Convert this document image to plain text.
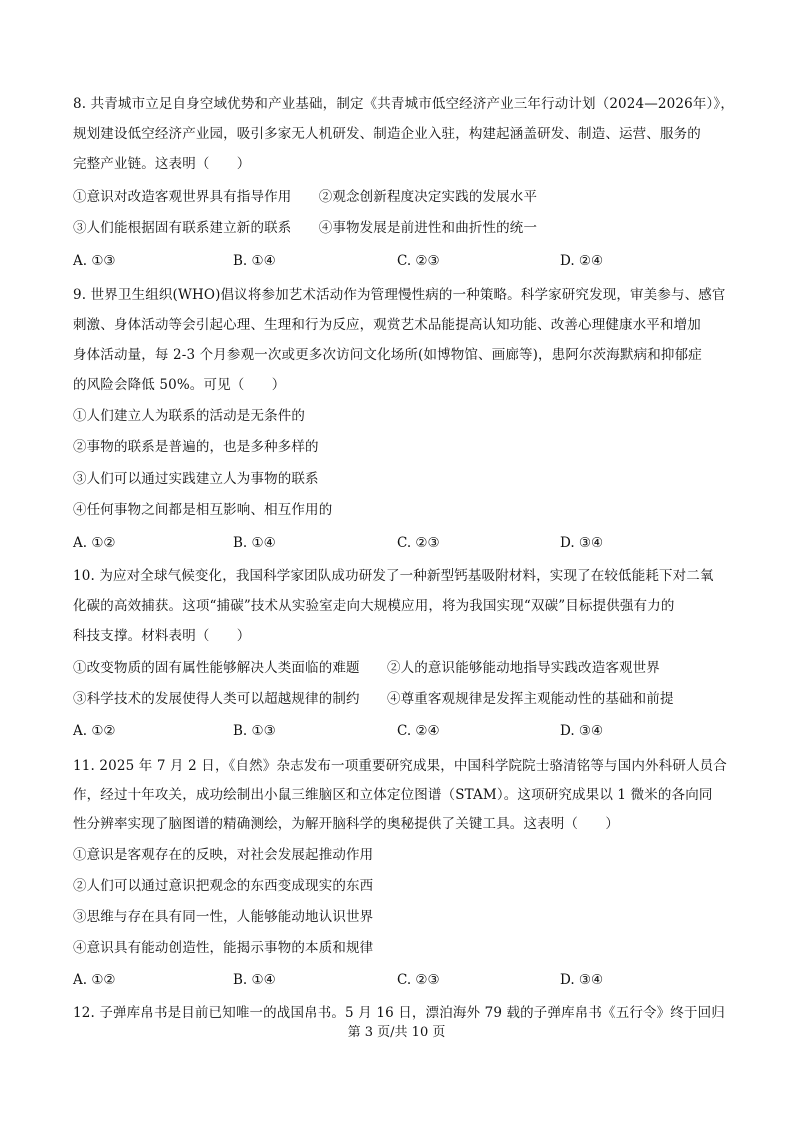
8. 共青城市立足自身空域优势和产业基础，制定《共青城市低空经济产业三年行动计划（2024—2026年）》，
规划建设低空经济产业园，吸引多家无人机研发、制造企业入驻，构建起涵盖研发、制造、运营、服务的
完整产业链。这表明（　　）
①意识对改造客观世界具有指导作用　　②观念创新程度决定实践的发展水平
③人们能根据固有联系建立新的联系　　④事物发展是前进性和曲折性的统一
A. ①③	B. ①④	C. ②③	D. ②④
9. 世界卫生组织(WHO)倡议将参加艺术活动作为管理慢性病的一种策略。科学家研究发现，审美参与、感官
刺激、身体活动等会引起心理、生理和行为反应，观赏艺术品能提高认知功能、改善心理健康水平和增加
身体活动量，每 2-3 个月参观一次或更多次访问文化场所(如博物馆、画廊等)，患阿尔茨海默病和抑郁症
的风险会降低 50%。可见（　　）
①人们建立人为联系的活动是无条件的
②事物的联系是普遍的，也是多种多样的
③人们可以通过实践建立人为事物的联系
④任何事物之间都是相互影响、相互作用的
A. ①②	B. ①④	C. ②③	D. ③④
10. 为应对全球气候变化，我国科学家团队成功研发了一种新型钙基吸附材料，实现了在较低能耗下对二氧
化碳的高效捕获。这项“捕碳”技术从实验室走向大规模应用，将为我国实现“双碳”目标提供强有力的
科技支撑。材料表明（　　）
①改变物质的固有属性能够解决人类面临的难题　　②人的意识能够能动地指导实践改造客观世界
③科学技术的发展使得人类可以超越规律的制约　　④尊重客观规律是发挥主观能动性的基础和前提
A. ①②	B. ①③	C. ②④	D. ③④
11. 2025 年 7 月 2 日，《自然》杂志发布一项重要研究成果，中国科学院院士骆清铭等与国内外科研人员合
作，经过十年攻关，成功绘制出小鼠三维脑区和立体定位图谱（STAM）。这项研究成果以 1 微米的各向同
性分辨率实现了脑图谱的精确测绘，为解开脑科学的奥秘提供了关键工具。这表明（　　）
①意识是客观存在的反映，对社会发展起推动作用
②人们可以通过意识把观念的东西变成现实的东西
③思维与存在具有同一性，人能够能动地认识世界
④意识具有能动创造性，能揭示事物的本质和规律
A. ①②	B. ①④	C. ②③	D. ③④
12. 子弹库帛书是目前已知唯一的战国帛书。5 月 16 日，漂泊海外 79 载的子弹库帛书《五行令》终于回归
第 3 页/共 10 页
